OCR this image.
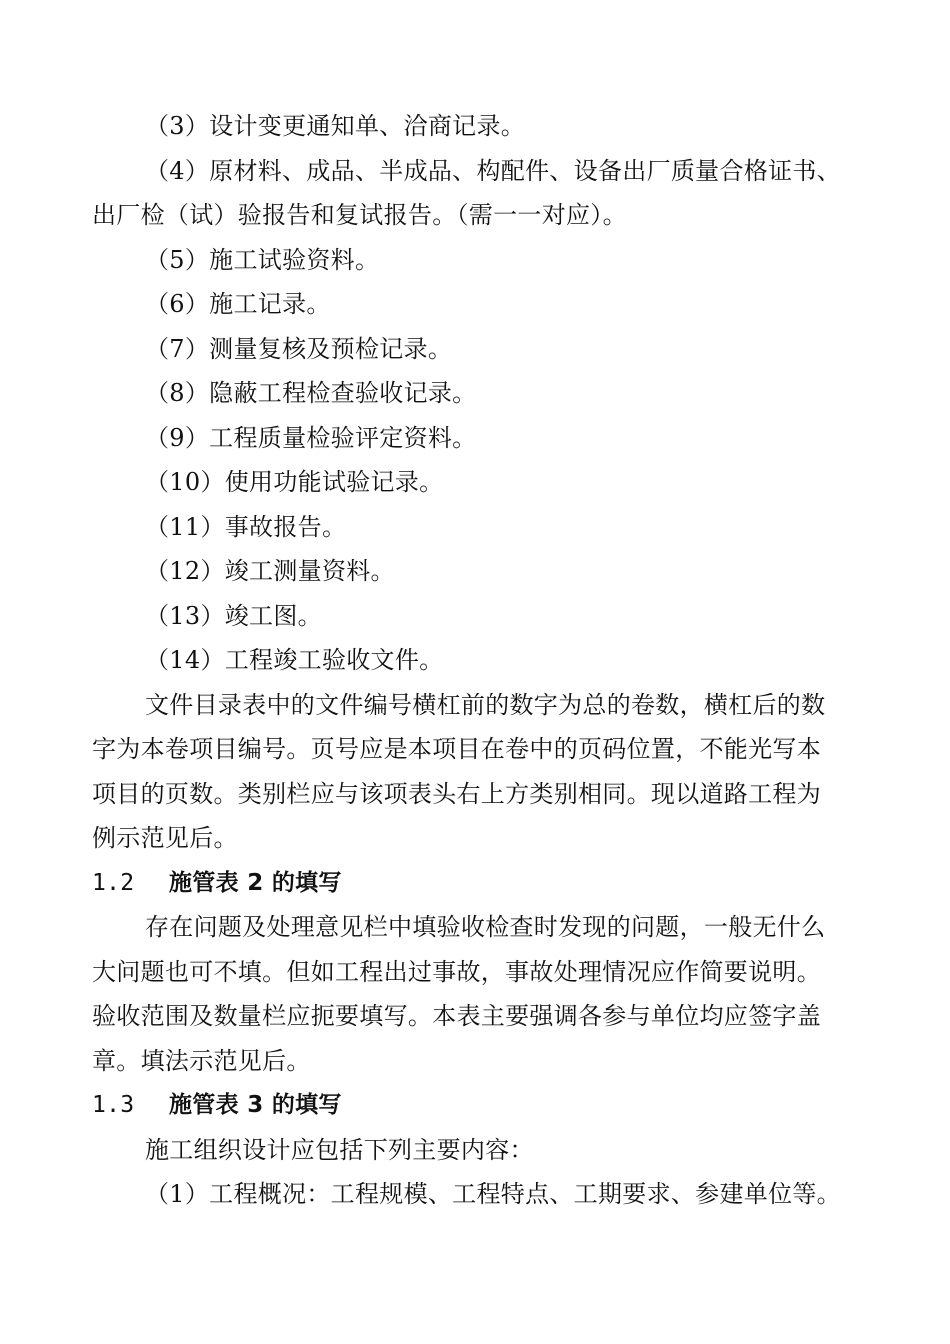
（3）设计变更通知单、洽商记录。
（4）原材料、成品、半成品、构配件、设备出厂质量合格证书、
出厂检（试）验报告和复试报告。（需一一对应）。
（5）施工试验资料。
（6）施工记录。
（7）测量复核及预检记录。
（8）隐蔽工程检查验收记录。
（9）工程质量检验评定资料。
（10）使用功能试验记录。
（11）事故报告。
（12）竣工测量资料。
（13）竣工图。
（14）工程竣工验收文件。
文件目录表中的文件编号横杠前的数字为总的卷数，横杠后的数
字为本卷项目编号。页号应是本项目在卷中的页码位置，不能光写本
项目的页数。类别栏应与该项表头右上方类别相同。现以道路工程为
例示范见后。
1.2 施管表 2 的填写
存在问题及处理意见栏中填验收检查时发现的问题，一般无什么
大问题也可不填。但如工程出过事故，事故处理情况应作简要说明。
验收范围及数量栏应扼要填写。本表主要强调各参与单位均应签字盖
章。填法示范见后。
1.3 施管表 3 的填写
施工组织设计应包括下列主要内容：
（1）工程概况：工程规模、工程特点、工期要求、参建单位等。
